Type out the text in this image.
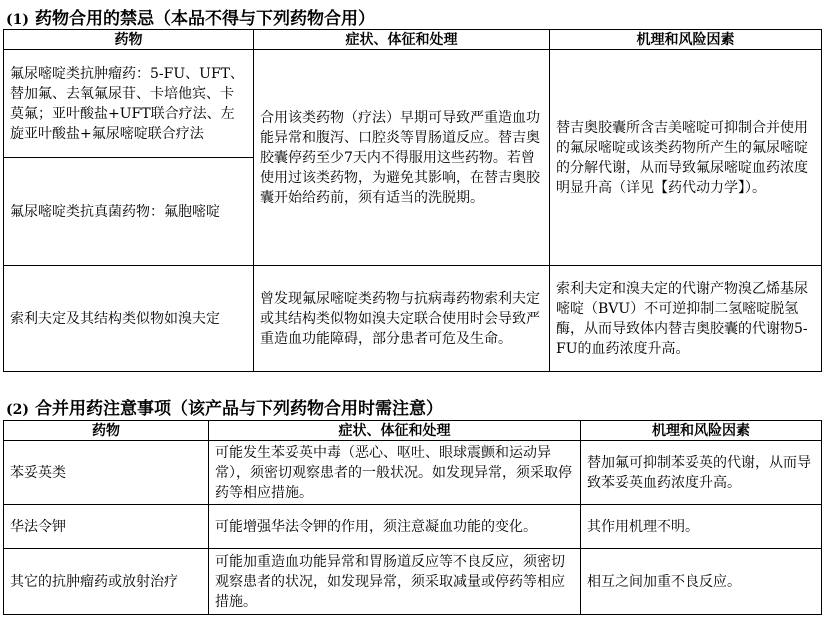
(1) 药物合用的禁忌（本品不得与下列药物合用）
药物	症状、体征和处理	机理和风险因素
氟尿嘧啶类抗肿瘤药：5-FU、UFT、替加氟、去氧氟尿苷、卡培他宾、卡莫氟；亚叶酸盐+UFT联合疗法、左旋亚叶酸盐+氟尿嘧啶联合疗法	合用该类药物（疗法）早期可导致严重造血功能异常和腹泻、口腔炎等胃肠道反应。替吉奥胶囊停药至少7天内不得服用这些药物。若曾使用过该类药物，为避免其影响，在替吉奥胶囊开始给药前，须有适当的洗脱期。	替吉奥胶囊所含吉美嘧啶可抑制合并使用的氟尿嘧啶或该类药物所产生的氟尿嘧啶的分解代谢，从而导致氟尿嘧啶血药浓度明显升高（详见【药代动力学】）。
氟尿嘧啶类抗真菌药物：氟胞嘧啶		
索利夫定及其结构类似物如溴夫定	曾发现氟尿嘧啶类药物与抗病毒药物索利夫定或其结构类似物如溴夫定联合使用时会导致严重造血功能障碍，部分患者可危及生命。	索利夫定和溴夫定的代谢产物溴乙烯基尿嘧啶（BVU）不可逆抑制二氢嘧啶脱氢酶，从而导致体内替吉奥胶囊的代谢物5-FU的血药浓度升高。
(2) 合并用药注意事项（该产品与下列药物合用时需注意）
药物	症状、体征和处理	机理和风险因素
苯妥英类	可能发生苯妥英中毒（恶心、呕吐、眼球震颤和运动异常），须密切观察患者的一般状况。如发现异常，须采取停药等相应措施。	替加氟可抑制苯妥英的代谢，从而导致苯妥英血药浓度升高。
华法令钾	可能增强华法令钾的作用，须注意凝血功能的变化。	其作用机理不明。
其它的抗肿瘤药或放射治疗	可能加重造血功能异常和胃肠道反应等不良反应，须密切观察患者的状况，如发现异常，须采取减量或停药等相应措施。	相互之间加重不良反应。
